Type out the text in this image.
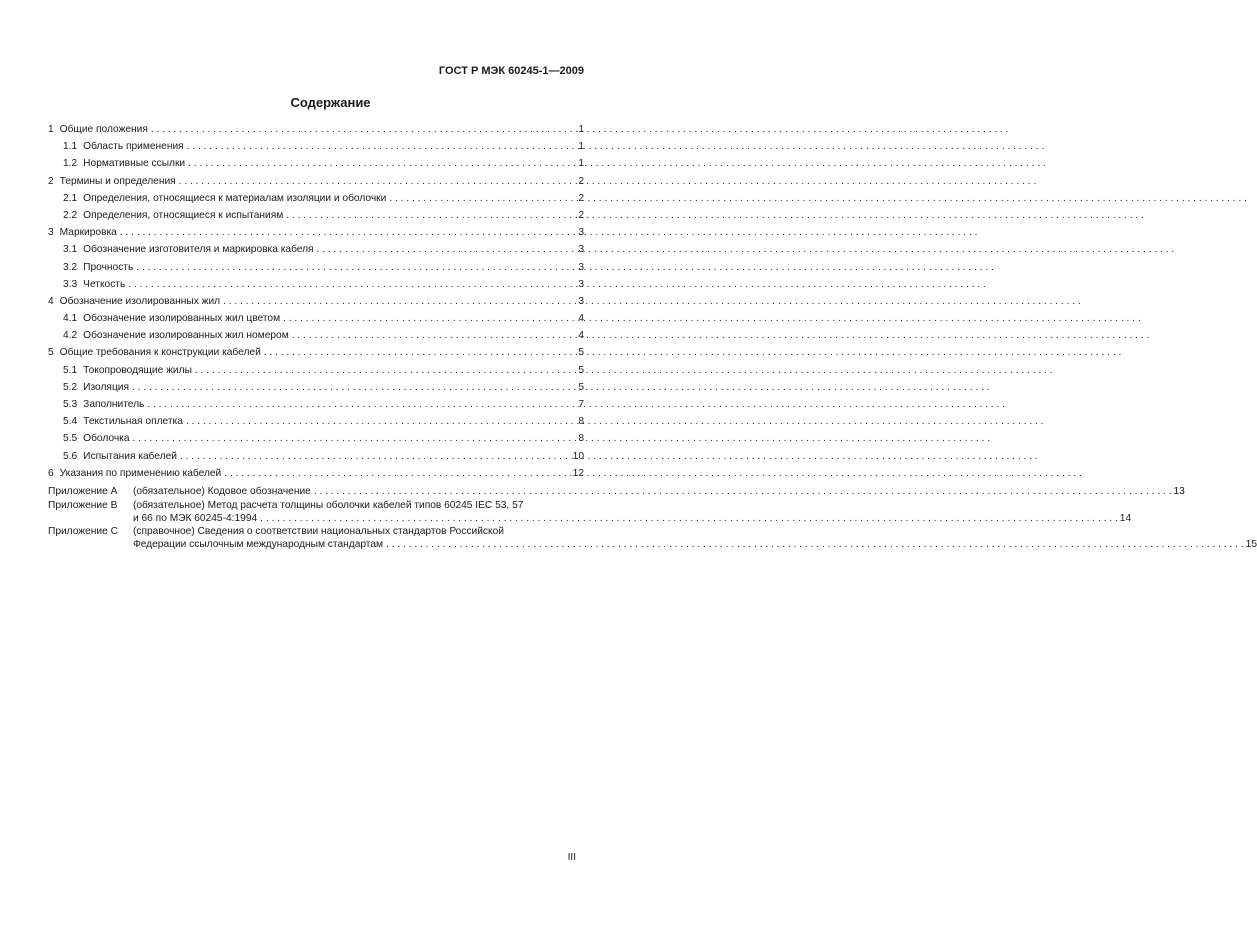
ГОСТ Р МЭК 60245-1—2009
Содержание
1 Общие положения . . .	1
1.1 Область применения . . .	1
1.2 Нормативные ссылки . . .	1
2 Термины и определения . . .	2
2.1 Определения, относящиеся к материалам изоляции и оболочки . . .	2
2.2 Определения, относящиеся к испытаниям . . .	2
3 Маркировка . . .	3
3.1 Обозначение изготовителя и маркировка кабеля . . .	3
3.2 Прочность . . .	3
3.3 Четкость . . .	3
4 Обозначение изолированных жил . . .	3
4.1 Обозначение изолированных жил цветом . . .	4
4.2 Обозначение изолированных жил номером . . .	4
5 Общие требования к конструкции кабелей . . .	5
5.1 Токопроводящие жилы . . .	5
5.2 Изоляция . . .	5
5.3 Заполнитель . . .	7
5.4 Текстильная оплетка . . .	8
5.5 Оболочка . . .	8
5.6 Испытания кабелей . . .	10
6 Указания по применению кабелей . . .	12
Приложение А	(обязательное) Кодовое обозначение . . .	13
Приложение В	(обязательное) Метод расчета толщины оболочки кабелей типов 60245 IEC 53, 57
и 66 по МЭК 60245-4:1994 . . .	14
Приложение С	(справочное) Сведения о соответствии национальных стандартов Российской
Федерации ссылочным международным стандартам . . .	15
III
